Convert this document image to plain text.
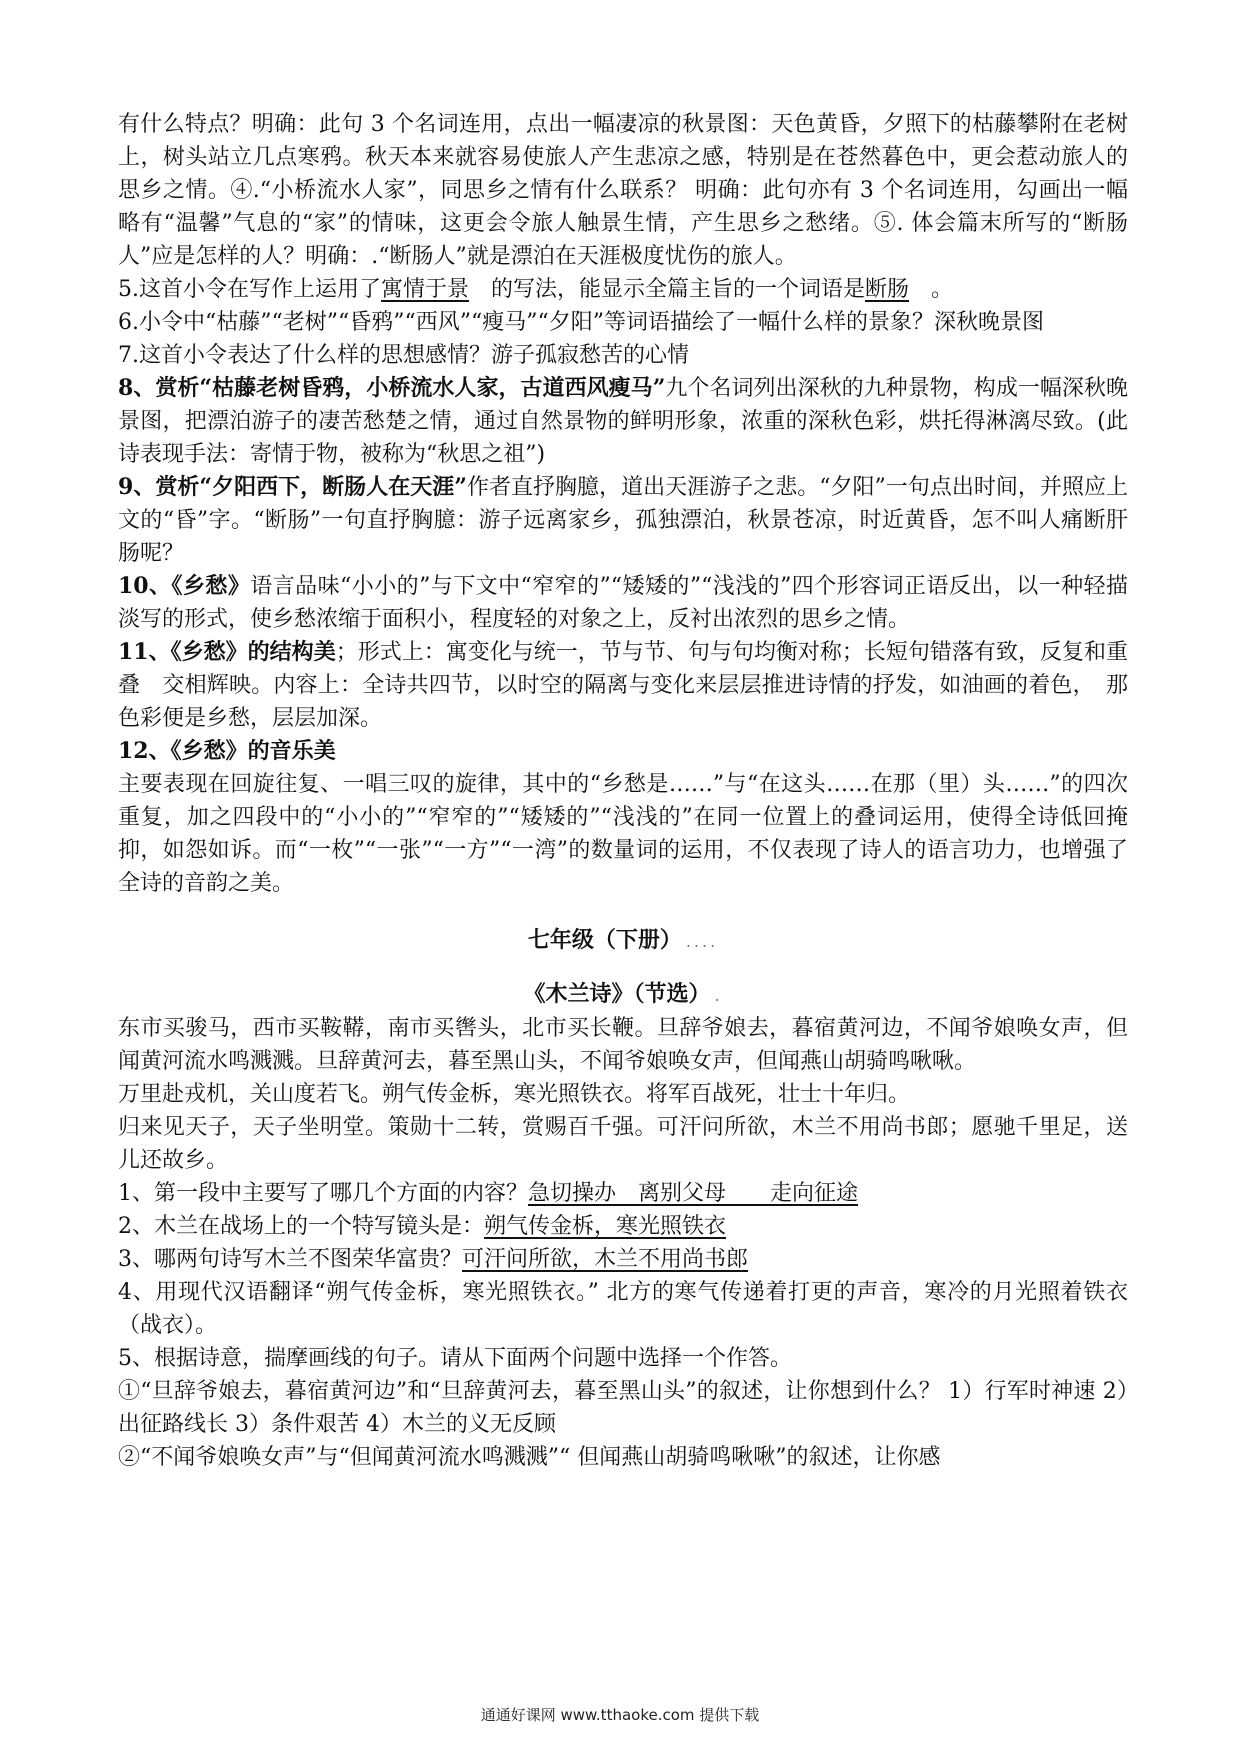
有什么特点？明确：此句 3 个名词连用，点出一幅凄凉的秋景图：天色黄昏，夕照下的枯藤攀附在老树上，树头站立几点寒鸦。秋天本来就容易使旅人产生悲凉之感，特别是在苍然暮色中，更会惹动旅人的思乡之情。④.“小桥流水人家”，同思乡之情有什么联系？ 明确：此句亦有 3 个名词连用，勾画出一幅略有“温馨”气息的“家”的情味，这更会令旅人触景生情，产生思乡之愁绪。⑤. 体会篇末所写的“断肠人”应是怎样的人？明确：.“断肠人”就是漂泊在天涯极度忧伤的旅人。

5.这首小令在写作上运用了寓情于景　的写法，能显示全篇主旨的一个词语是断肠　。

6.小令中“枯藤”“老树”“昏鸦”“西风”“瘦马”“夕阳”等词语描绘了一幅什么样的景象？深秋晚景图

7.这首小令表达了什么样的思想感情？游子孤寂愁苦的心情

8、赏析“枯藤老树昏鸦，小桥流水人家，古道西风瘦马”九个名词列出深秋的九种景物，构成一幅深秋晚景图，把漂泊游子的凄苦愁楚之情，通过自然景物的鲜明形象，浓重的深秋色彩，烘托得淋漓尽致。(此诗表现手法：寄情于物，被称为“秋思之祖”)

9、赏析“夕阳西下，断肠人在天涯”作者直抒胸臆，道出天涯游子之悲。“夕阳”一句点出时间，并照应上文的“昏”字。“断肠”一句直抒胸臆：游子远离家乡，孤独漂泊，秋景苍凉，时近黄昏，怎不叫人痛断肝肠呢？

10、《乡愁》语言品味“小小的”与下文中“窄窄的”“矮矮的”“浅浅的”四个形容词正语反出，以一种轻描淡写的形式，使乡愁浓缩于面积小，程度轻的对象之上，反衬出浓烈的思乡之情。

11、《乡愁》的结构美；形式上：寓变化与统一，节与节、句与句均衡对称；长短句错落有致，反复和重叠　交相辉映。内容上：全诗共四节，以时空的隔离与变化来层层推进诗情的抒发，如油画的着色，　那色彩便是乡愁，层层加深。

12、《乡愁》的音乐美

主要表现在回旋往复、一唱三叹的旋律，其中的“乡愁是……”与“在这头……在那（里）头……”的四次重复，加之四段中的“小小的”“窄窄的”“矮矮的”“浅浅的”在同一位置上的叠词运用，使得全诗低回掩抑，如怨如诉。而“一枚”“一张”“一方”“一湾”的数量词的运用，不仅表现了诗人的语言功力，也增强了全诗的音韵之美。

七年级（下册） ....

《木兰诗》（节选） .

东市买骏马，西市买鞍鞯，南市买辔头，北市买长鞭。旦辞爷娘去，暮宿黄河边，不闻爷娘唤女声，但闻黄河流水鸣溅溅。旦辞黄河去，暮至黑山头，不闻爷娘唤女声，但闻燕山胡骑鸣啾啾。

万里赴戎机，关山度若飞。朔气传金柝，寒光照铁衣。将军百战死，壮士十年归。

归来见天子，天子坐明堂。策勋十二转，赏赐百千强。可汗问所欲，木兰不用尚书郎；愿驰千里足，送儿还故乡。

1、第一段中主要写了哪几个方面的内容？急切操办　离别父母　　走向征途

2、木兰在战场上的一个特写镜头是：朔气传金柝，寒光照铁衣

3、哪两句诗写木兰不图荣华富贵？可汗问所欲，木兰不用尚书郎

4、用现代汉语翻译“朔气传金柝，寒光照铁衣。” 北方的寒气传递着打更的声音，寒冷的月光照着铁衣（战衣）。

5、根据诗意，揣摩画线的句子。请从下面两个问题中选择一个作答。

①“旦辞爷娘去，暮宿黄河边”和“旦辞黄河去，暮至黑山头”的叙述，让你想到什么？ 1）行军时神速 2）出征路线长 3）条件艰苦 4）木兰的义无反顾

②“不闻爷娘唤女声”与“但闻黄河流水鸣溅溅”“ 但闻燕山胡骑鸣啾啾”的叙述，让你感

通通好课网 www.tthaoke.com 提供下载
